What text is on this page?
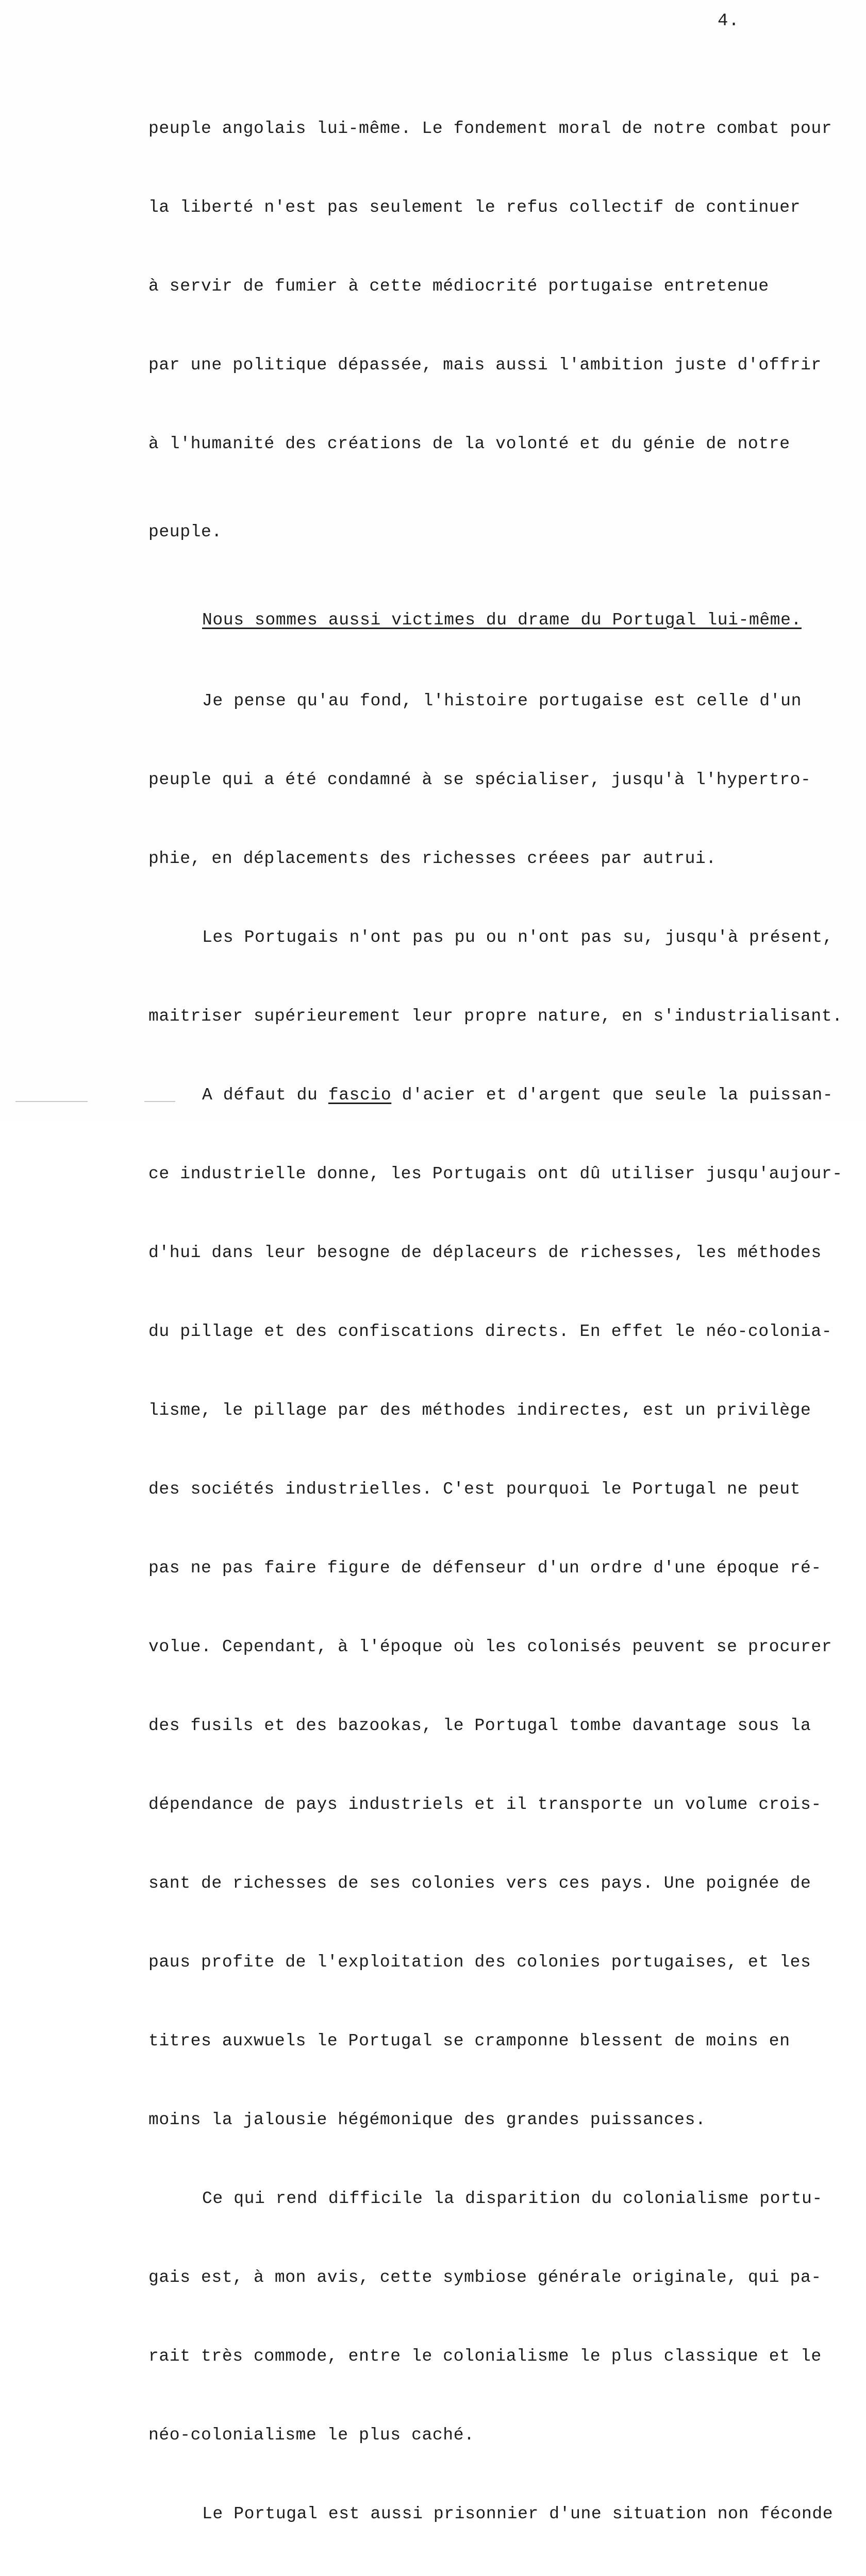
4.

peuple angolais lui-même. Le fondement moral de notre combat pour

la liberté n'est pas seulement le refus collectif de continuer

à servir de fumier à cette médiocrité portugaise entretenue

par une politique dépassée, mais aussi l'ambition juste d'offrir

à l'humanité des créations de la volonté et du génie de notre

peuple.

Nous sommes aussi victimes du drame du Portugal lui-même.

Je pense qu'au fond, l'histoire portugaise est celle d'un

peuple qui a été condamné à se spécialiser, jusqu'à l'hypertro-

phie, en déplacements des richesses créees par autrui.

Les Portugais n'ont pas pu ou n'ont pas su, jusqu'à présent,

maitriser supérieurement leur propre nature, en s'industrialisant.

A défaut du fascio d'acier et d'argent que seule la puissan-

ce industrielle donne, les Portugais ont dû utiliser jusqu'aujour-

d'hui dans leur besogne de déplaceurs de richesses, les méthodes

du pillage et des confiscations directs. En effet le néo-colonia-

lisme, le pillage par des méthodes indirectes, est un privilège

des sociétés industrielles. C'est pourquoi le Portugal ne peut

pas ne pas faire figure de défenseur d'un ordre d'une époque ré-

volue. Cependant, à l'époque où les colonisés peuvent se procurer

des fusils et des bazookas, le Portugal tombe davantage sous la

dépendance de pays industriels et il transporte un volume crois-

sant de richesses de ses colonies vers ces pays. Une poignée de

paus profite de l'exploitation des colonies portugaises, et les

titres auxwuels le Portugal se cramponne blessent de moins en

moins la jalousie hégémonique des grandes puissances.

Ce qui rend difficile la disparition du colonialisme portu-

gais est, à mon avis, cette symbiose générale originale, qui pa-

rait très commode, entre le colonialisme le plus classique et le

néo-colonialisme le plus caché.

Le Portugal est aussi prisonnier d'une situation non féconde
